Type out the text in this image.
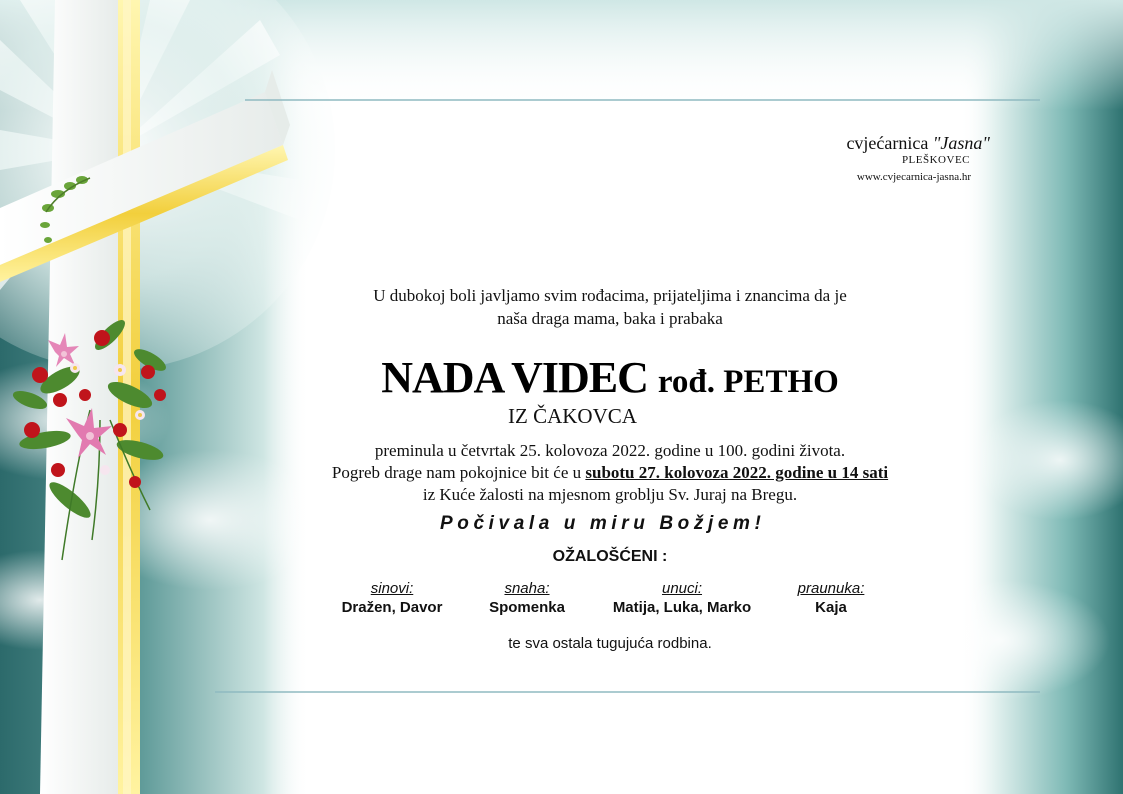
cvjećarnica "Jasna"
PLEŠKOVEC
www.cvjecarnica-jasna.hr
U dubokoj boli javljamo svim rođacima, prijateljima i znancima da je
naša draga mama, baka i prabaka
NADA VIDEC rođ. PETHO
IZ ČAKOVCA
preminula u četvrtak 25. kolovoza 2022. godine u 100. godini života.
Pogreb drage nam pokojnice bit će u subotu 27. kolovoza 2022. godine u 14 sati
iz Kuće žalosti na mjesnom groblju Sv. Juraj na Bregu.
Počivala u miru Božjem!
OŽALOŠĆENI :
sinovi:
Dražen, Davor
snaha:
Spomenka
unuci:
Matija, Luka, Marko
praunuka:
Kaja
te sva ostala tugujuća rodbina.
